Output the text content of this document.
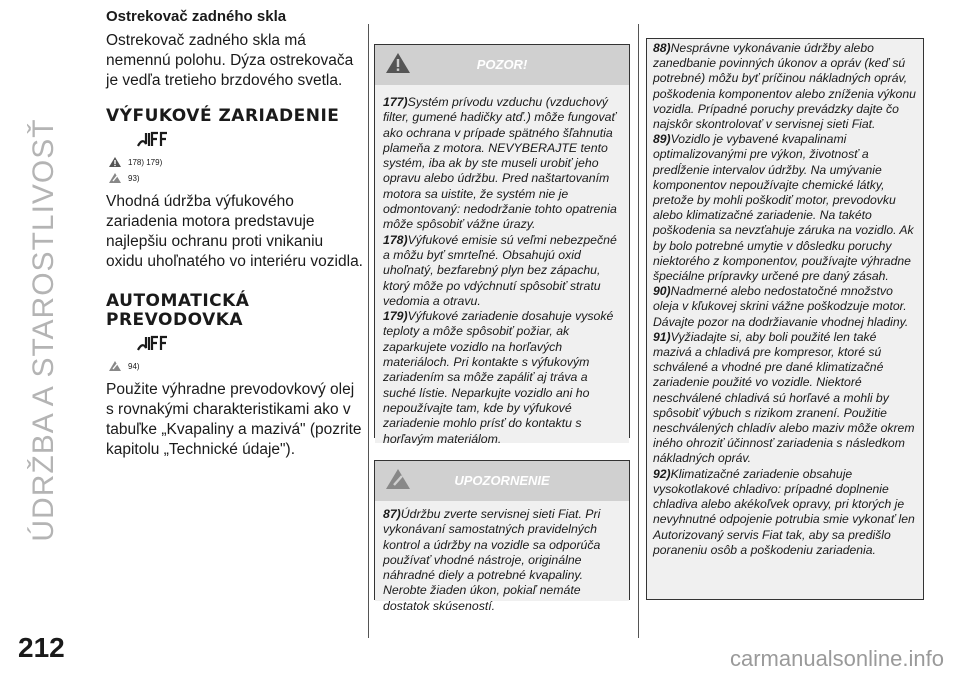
ÚDRŽBA A STAROSTLIVOSŤ
212	carmanualsonline.info
Ostrekovač zadného skla

Ostrekovač zadného skla má nemennú polohu. Dýza ostrekovača je vedľa tretieho brzdového svetla.

VÝFUKOVÉ ZARIADENIE
178) 179)
93)

Vhodná údržba výfukového zariadenia motora predstavuje najlepšiu ochranu proti vnikaniu oxidu uhoľnatého vo interiéru vozidla.

AUTOMATICKÁ
PREVODOVKA
94)

Použite výhradne prevodovkový olej s rovnakými charakteristikami ako v tabuľke „Kvapaliny a mazivá" (pozrite kapitolu „Technické údaje").

POZOR!

177)Systém prívodu vzduchu (vzduchový filter, gumené hadičky atď.) môže fungovať ako ochrana v prípade spätného šľahnutia plameňa z motora. NEVYBERAJTE tento systém, iba ak by ste museli urobiť jeho opravu alebo údržbu. Pred naštartovaním motora sa uistite, že systém nie je odmontovaný: nedodržanie tohto opatrenia môže spôsobiť vážne úrazy.

178)Výfukové emisie sú veľmi nebezpečné a môžu byť smrteľné. Obsahujú oxid uhoľnatý, bezfarebný plyn bez zápachu, ktorý môže po vdýchnutí spôsobiť stratu vedomia a otravu.

179)Výfukové zariadenie dosahuje vysoké teploty a môže spôsobiť požiar, ak zaparkujete vozidlo na horľavých materiáloch. Pri kontakte s výfukovým zariadením sa môže zapáliť aj tráva a suché lístie. Neparkujte vozidlo ani ho nepoužívajte tam, kde by výfukové zariadenie mohlo prísť do kontaktu s horľavým materiálom.

UPOZORNENIE

87)Údržbu zverte servisnej sieti Fiat. Pri vykonávaní samostatných pravidelných kontrol a údržby na vozidle sa odporúča používať vhodné nástroje, originálne náhradné diely a potrebné kvapaliny. Nerobte žiaden úkon, pokiaľ nemáte dostatok skúseností.

88)Nesprávne vykonávanie údržby alebo zanedbanie povinných úkonov a opráv (keď sú potrebné) môžu byť príčinou nákladných opráv, poškodenia komponentov alebo zníženia výkonu vozidla. Prípadné poruchy prevádzky dajte čo najskôr skontrolovať v servisnej sieti Fiat.

89)Vozidlo je vybavené kvapalinami optimalizovanými pre výkon, životnosť a predĺženie intervalov údržby. Na umývanie komponentov nepoužívajte chemické látky, pretože by mohli poškodiť motor, prevodovku alebo klimatizačné zariadenie. Na takéto poškodenia sa nevzťahuje záruka na vozidlo. Ak by bolo potrebné umytie v dôsledku poruchy niektorého z komponentov, používajte výhradne špeciálne prípravky určené pre daný zásah.

90)Nadmerné alebo nedostatočné množstvo oleja v kľukovej skrini vážne poškodzuje motor. Dávajte pozor na dodržiavanie vhodnej hladiny.

91)Vyžiadajte si, aby boli použité len také mazivá a chladivá pre kompresor, ktoré sú schválené a vhodné pre dané klimatizačné zariadenie použité vo vozidle. Niektoré neschválené chladivá sú horľavé a mohli by spôsobiť výbuch s rizikom zranení. Použitie neschválených chladív alebo maziv môže okrem iného ohroziť účinnosť zariadenia s následkom nákladných opráv.

92)Klimatizačné zariadenie obsahuje vysokotlakové chladivo: prípadné doplnenie chladiva alebo akékoľvek opravy, pri ktorých je nevyhnutné odpojenie potrubia smie vykonať len Autorizovaný servis Fiat tak, aby sa predišlo poraneniu osôb a poškodeniu zariadenia.
